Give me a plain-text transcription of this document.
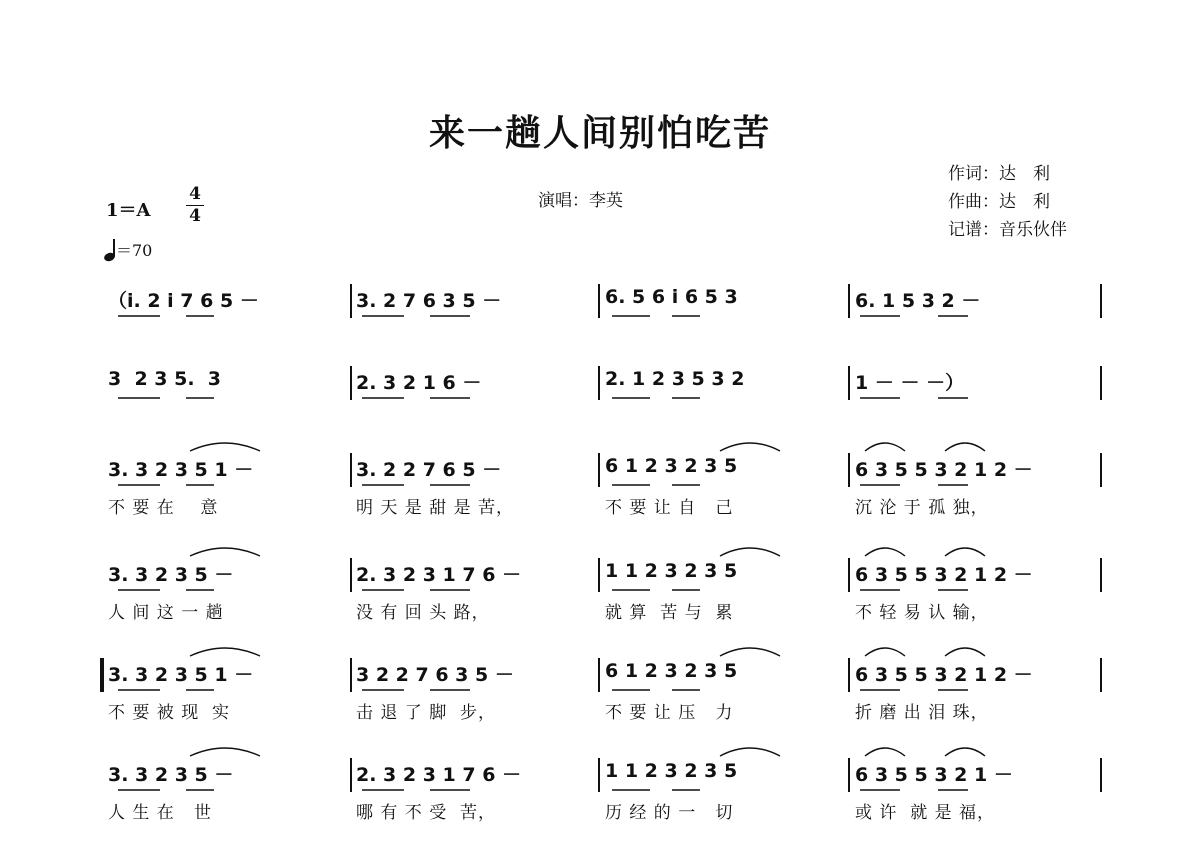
来一趟人间别怕吃苦
演唱：李英
作词：达　利
作曲：达　利
记谱：音乐伙伴
1＝A
4
4
＝70
（i. 2 i 7 6 5 －	3. 2 7 6 3 5 －	6. 5 6 i 6 5 3	6. 1 5 3 2 －
3  2 3 5.  3	2. 3 2 1 6 －	2. 1 2 3 5 3 2	1 － － －）
3. 3 2 3 5 1 －	3. 2 2 7 6 5 －	6 1 2 3 2 3 5	6 3 5 5 3 2 1 2 －
不 要 在    意	明 天 是 甜 是 苦，	不 要 让 自   己	沉 沦 于 孤 独，
3. 3 2 3 5 －	2. 3 2 3 1 7 6 －	1 1 2 3 2 3 5	6 3 5 5 3 2 1 2 －
人 间 这 一 趟	没 有 回 头 路，	就 算  苦 与  累	不 轻 易 认 输，
3. 3 2 3 5 1 －	3 2 2 7 6 3 5 －	6 1 2 3 2 3 5	6 3 5 5 3 2 1 2 －
不 要 被 现  实	击 退 了 脚  步，	不 要 让 压   力	折 磨 出 泪 珠，
3. 3 2 3 5 －	2. 3 2 3 1 7 6 －	1 1 2 3 2 3 5	6 3 5 5 3 2 1 －
人 生 在   世	哪 有 不 受  苦，	历 经 的 一   切	或 许  就 是 福，
